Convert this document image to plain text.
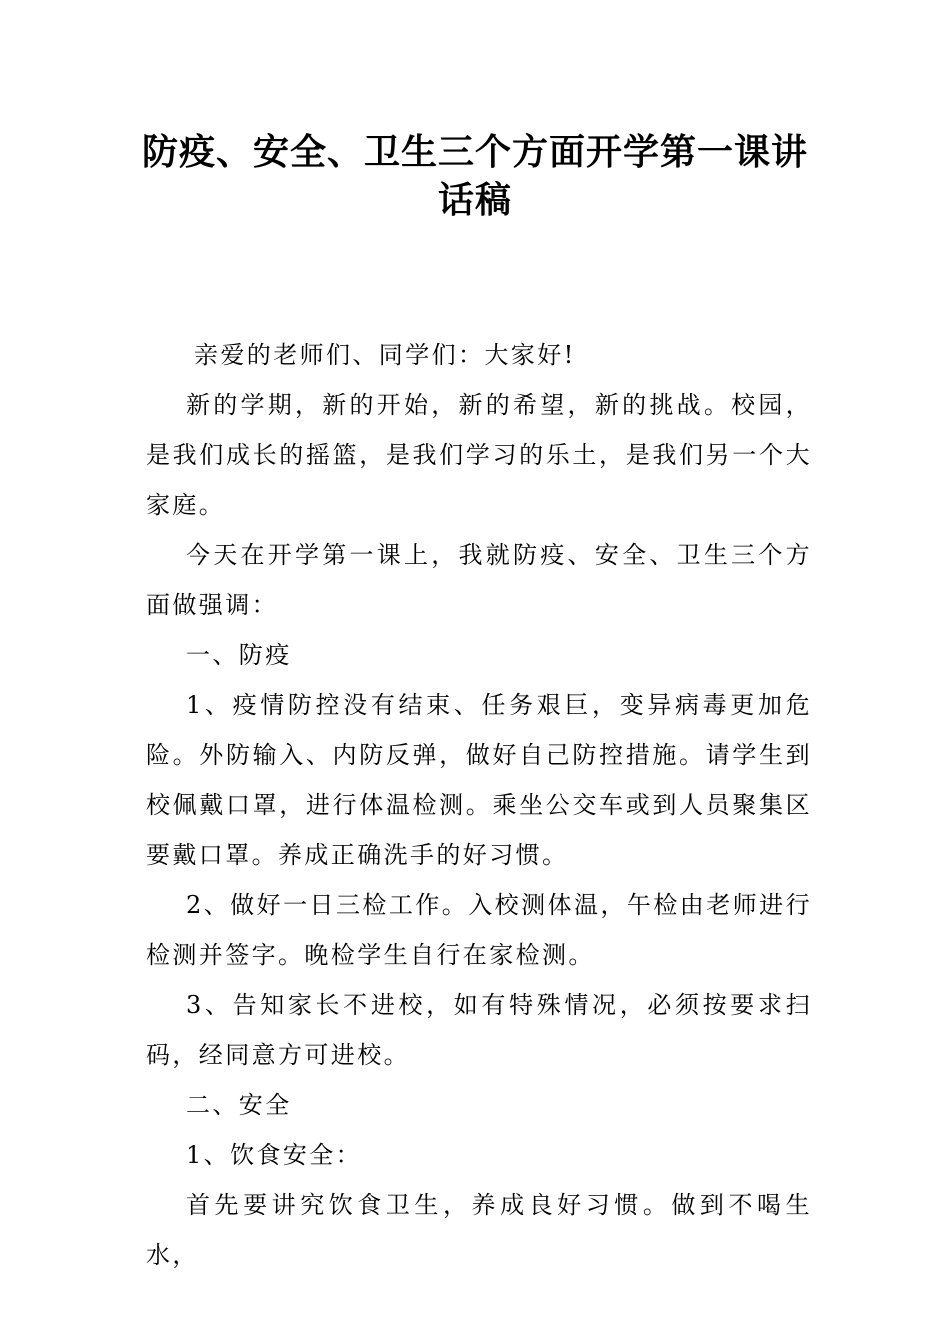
防疫、安全、卫生三个方面开学第一课讲
话稿

亲爱的老师们、同学们：大家好!

新的学期，新的开始，新的希望，新的挑战。校园，是我们成长的摇篮，是我们学习的乐土，是我们另一个大家庭。

今天在开学第一课上，我就防疫、安全、卫生三个方面做强调：

一、防疫

1、疫情防控没有结束、任务艰巨，变异病毒更加危险。外防输入、内防反弹，做好自己防控措施。请学生到校佩戴口罩，进行体温检测。乘坐公交车或到人员聚集区要戴口罩。养成正确洗手的好习惯。

2、做好一日三检工作。入校测体温，午检由老师进行检测并签字。晚检学生自行在家检测。

3、告知家长不进校，如有特殊情况，必须按要求扫码，经同意方可进校。

二、安全

1、饮食安全：

首先要讲究饮食卫生，养成良好习惯。做到不喝生水，
